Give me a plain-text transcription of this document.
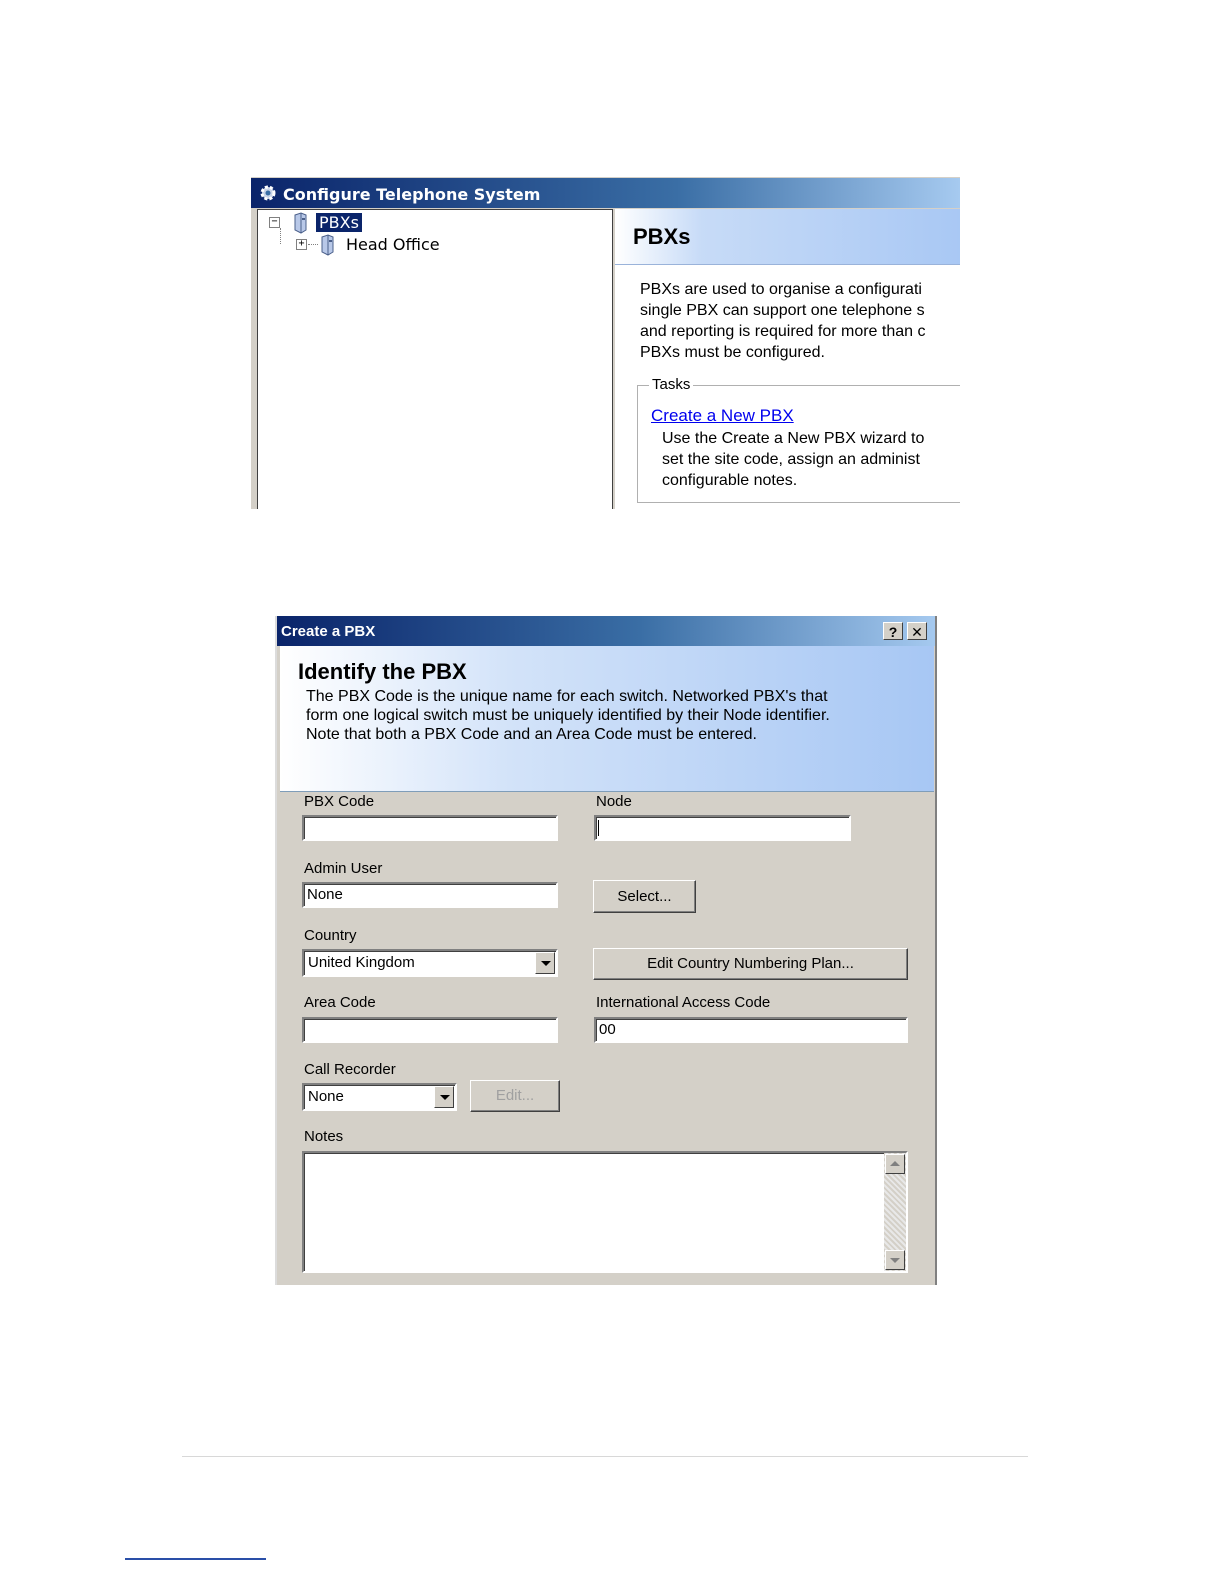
Configure Telephone System
−	PBXs
+	Head Office	PBXs
PBXs are used to organise a configurati
single PBX can support one telephone s
and reporting is required for more than c
PBXs must be configured.
Tasks
Create a New PBX
Use the Create a New PBX wizard to
set the site code, assign an administ
configurable notes.
Create a PBX	? ✕
Identify the PBX
The PBX Code is the unique name for each switch. Networked PBX's that
form one logical switch must be uniquely identified by their Node identifier.
Note that both a PBX Code and an Area Code must be entered.
PBX Code	Node
Admin User
None	Select...
Country
United Kingdom	Edit Country Numbering Plan...
Area Code	International Access Code
00
Call Recorder
None	Edit...
Notes
